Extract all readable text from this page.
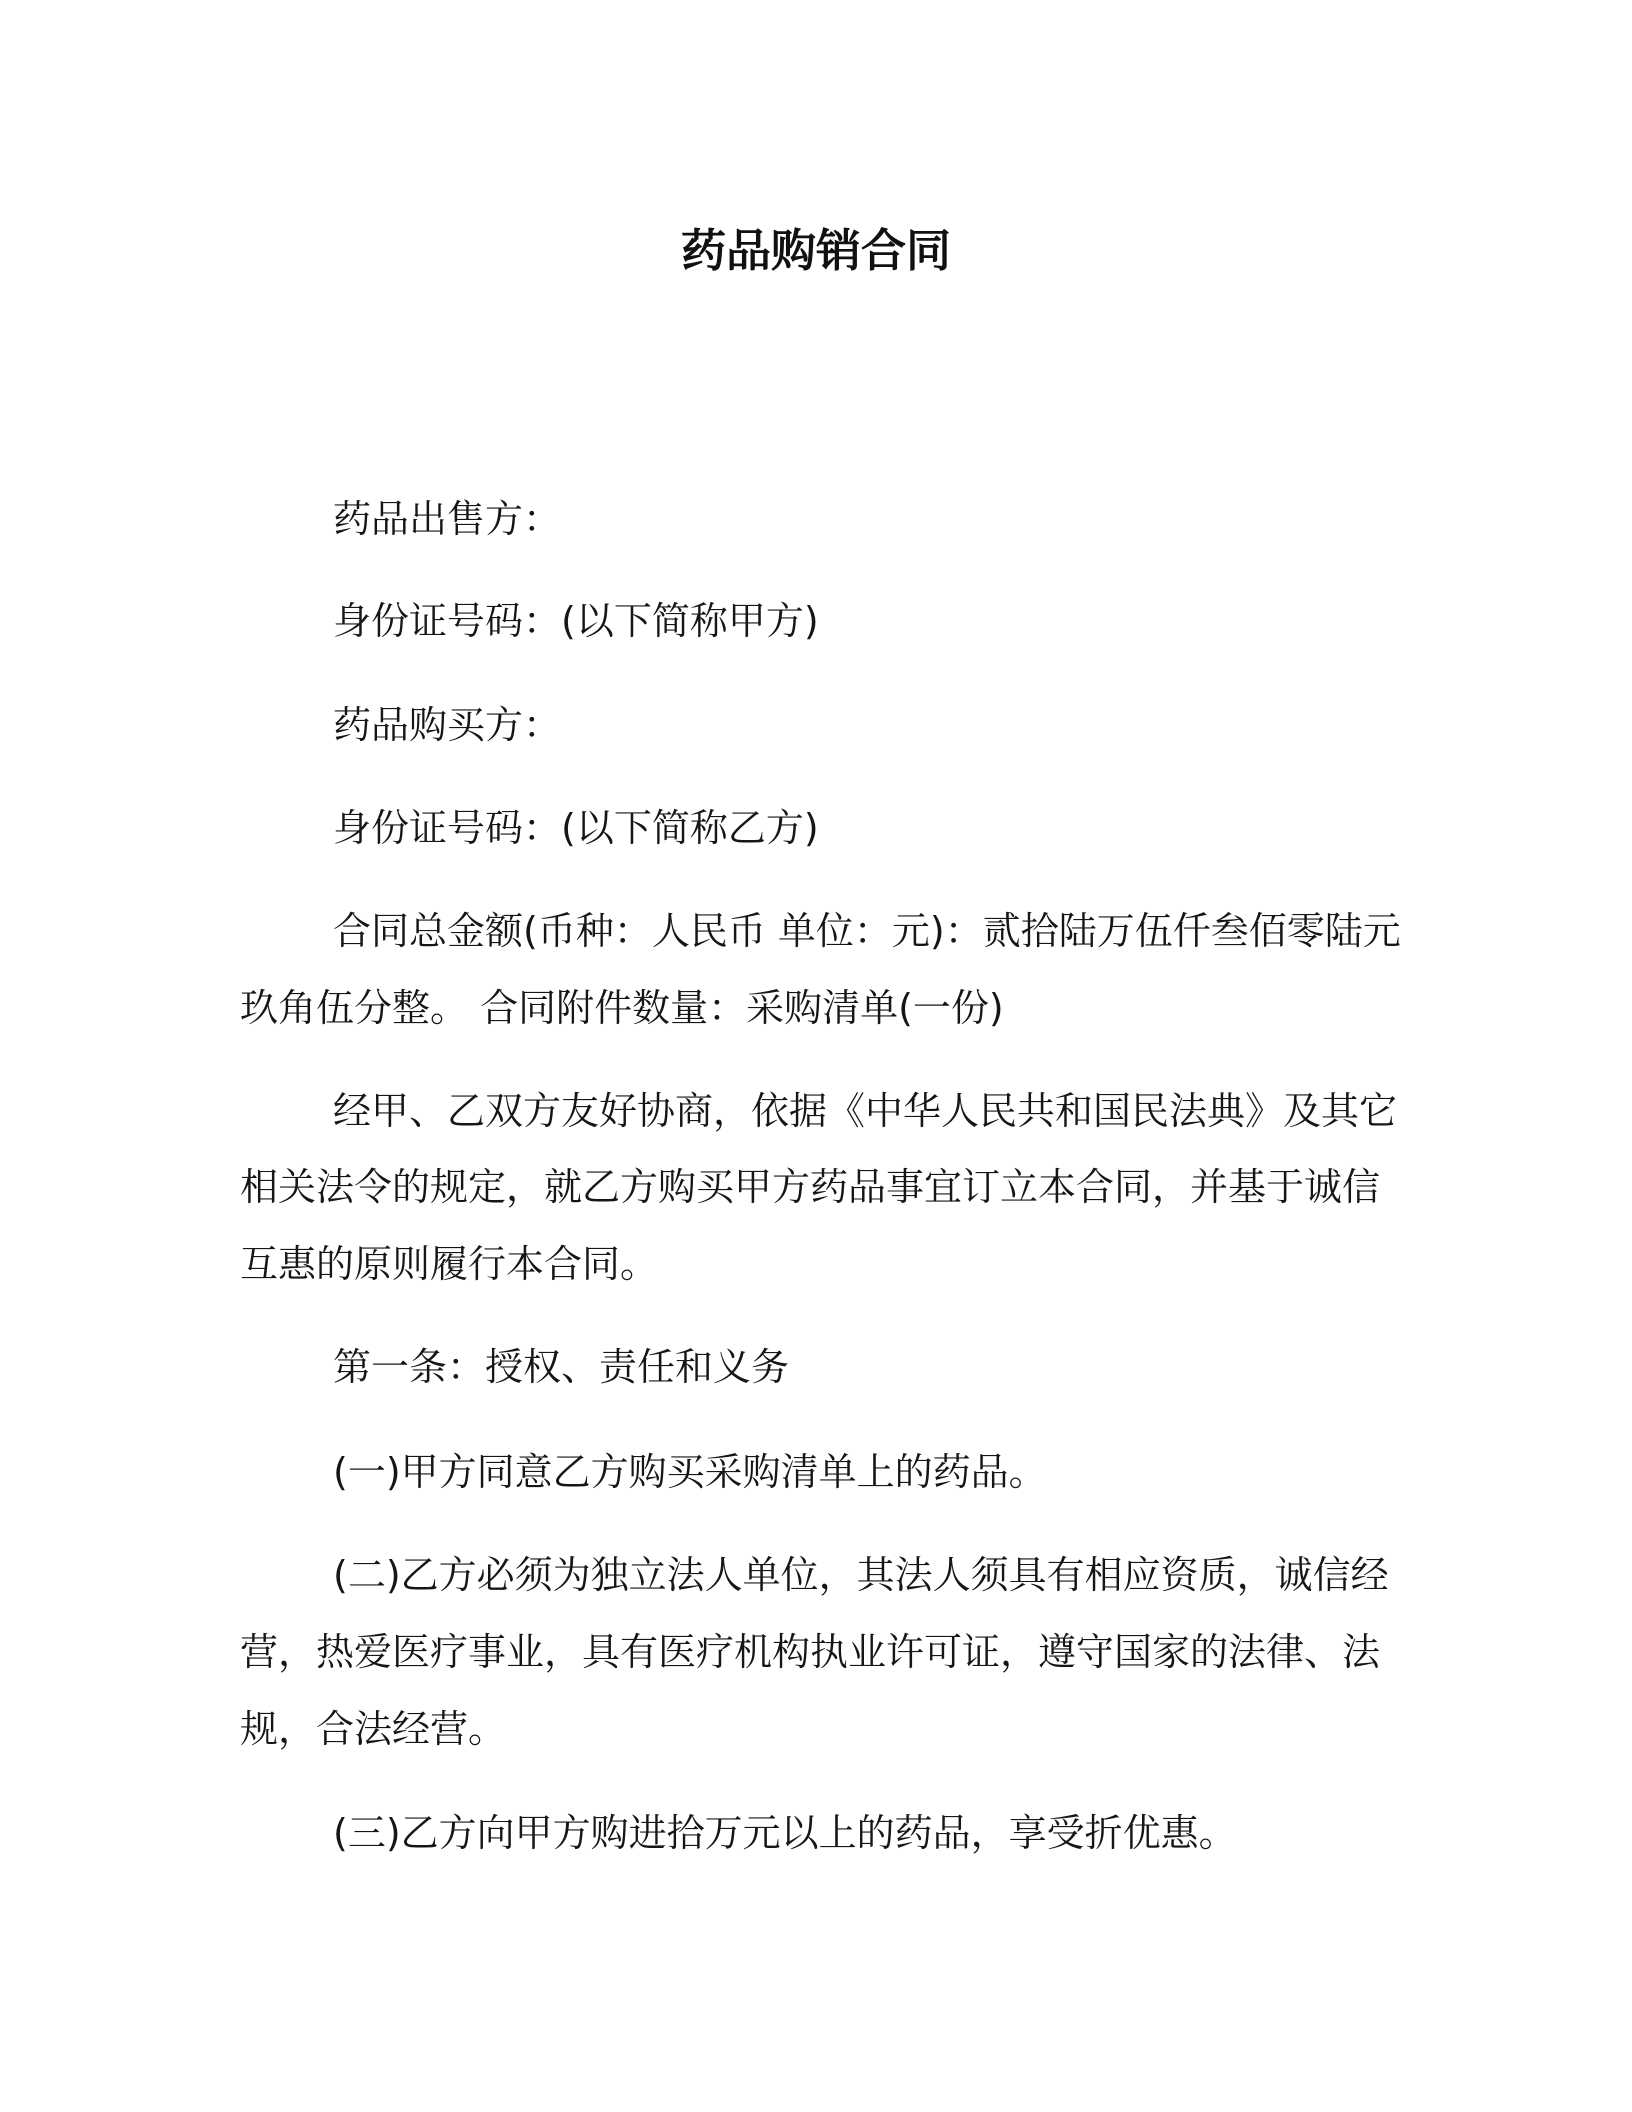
药品购销合同
药品出售方：
身份证号码：(以下简称甲方)
药品购买方：
身份证号码：(以下简称乙方)
合同总金额(币种：人民币 单位：元)：贰拾陆万伍仟叁佰零陆元
玖角伍分整。 合同附件数量：采购清单(一份)
经甲、乙双方友好协商，依据《中华人民共和国民法典》及其它
相关法令的规定，就乙方购买甲方药品事宜订立本合同，并基于诚信
互惠的原则履行本合同。
第一条：授权、责任和义务
(一)甲方同意乙方购买采购清单上的药品。
(二)乙方必须为独立法人单位，其法人须具有相应资质，诚信经
营，热爱医疗事业，具有医疗机构执业许可证，遵守国家的法律、法
规，合法经营。
(三)乙方向甲方购进拾万元以上的药品，享受折优惠。
